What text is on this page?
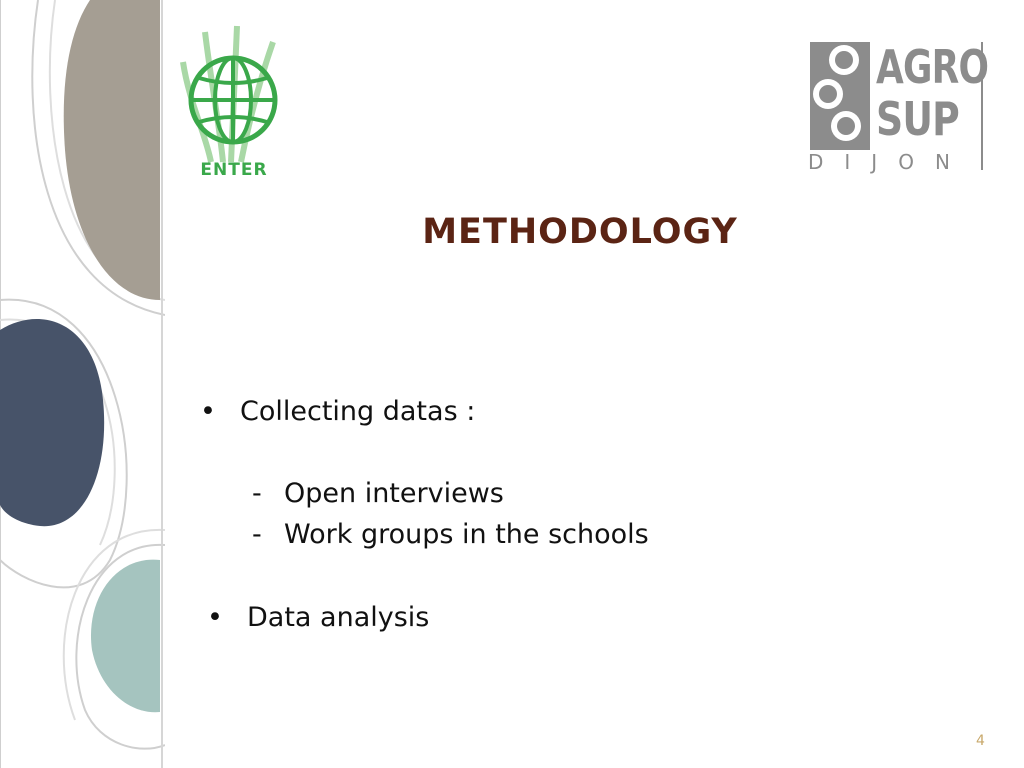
ENTER
AGRO
SUP
DIJON
METHODOLOGY
• Collecting datas :
- Open interviews
- Work groups in the schools
• Data analysis
4
